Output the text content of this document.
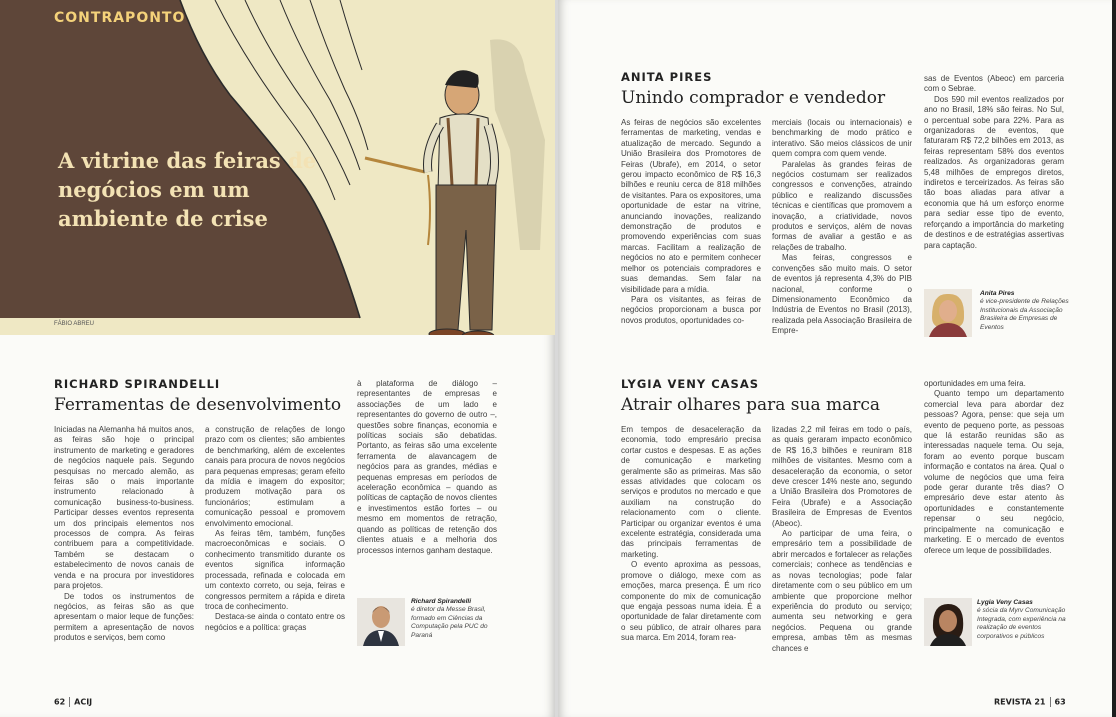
CONTRAPONTO
A vitrine das feiras de negócios em um ambiente de crise
FÁBIO ABREU
RICHARD SPIRANDELLI
Ferramentas de desenvolvimento

Iniciadas na Alemanha há muitos anos, as feiras são hoje o principal instrumento de marketing e geradores de negócios naquele país. Segundo pesquisas no mercado alemão, as feiras são o mais importante instrumento relacionado à comunicação business-to-business. Participar desses eventos representa um dos principais elementos nos processos de compra. As feiras contribuem para a competitividade. Também se destacam o estabelecimento de novos canais de venda e na procura por investidores para projetos.

De todos os instrumentos de negócios, as feiras são as que apresentam o maior leque de funções: permitem a apresentação de novos produtos e serviços, bem como

a construção de relações de longo prazo com os clientes; são ambientes de benchmarking, além de excelentes canais para procura de novos negócios para pequenas empresas; geram efeito da mídia e imagem do expositor; produzem motivação para os funcionários; estimulam a comunicação pessoal e promovem envolvimento emocional.

As feiras têm, também, funções macroeconômicas e sociais. O conhecimento transmitido durante os eventos significa informação processada, refinada e colocada em um contexto correto, ou seja, feiras e congressos permitem a rápida e direta troca de conhecimento.

Destaca-se ainda o contato entre os negócios e a política: graças

à plataforma de diálogo – representantes de empresas e associações de um lado e representantes do governo de outro –, questões sobre finanças, economia e políticas sociais são debatidas. Portanto, as feiras são uma excelente ferramenta de alavancagem de negócios para as grandes, médias e pequenas empresas em períodos de aceleração econômica – quando as políticas de captação de novos clientes e investimentos estão fortes – ou mesmo em momentos de retração, quando as políticas de retenção dos clientes atuais e a melhoria dos processos internos ganham destaque.

Richard Spirandelli
é diretor da Messe Brasil, formado em Ciências da Computação pela PUC do Paraná
62 ACIJ
ANITA PIRES
Unindo comprador e vendedor

As feiras de negócios são excelentes ferramentas de marketing, vendas e atualização de mercado. Segundo a União Brasileira dos Promotores de Feiras (Ubrafe), em 2014, o setor gerou impacto econômico de R$ 16,3 bilhões e reuniu cerca de 818 milhões de visitantes. Para os expositores, uma oportunidade de estar na vitrine, anunciando inovações, realizando demonstração de produtos e promovendo experiências com suas marcas. Facilitam a realização de negócios no ato e permitem conhecer melhor os potenciais compradores e suas demandas. Sem falar na visibilidade para a mídia.

Para os visitantes, as feiras de negócios proporcionam a busca por novos produtos, oportunidades co-

merciais (locais ou internacionais) e benchmarking de modo prático e interativo. São meios clássicos de unir quem compra com quem vende.

Paralelas às grandes feiras de negócios costumam ser realizados congressos e convenções, atraindo público e realizando discussões técnicas e científicas que promovem a inovação, a criatividade, novos produtos e serviços, além de novas formas de avaliar a gestão e as relações de trabalho.

Mas feiras, congressos e convenções são muito mais. O setor de eventos já representa 4,3% do PIB nacional, conforme o Dimensionamento Econômico da Indústria de Eventos no Brasil (2013), realizada pela Associação Brasileira de Empre-

sas de Eventos (Abeoc) em parceria com o Sebrae.

Dos 590 mil eventos realizados por ano no Brasil, 18% são feiras. No Sul, o percentual sobe para 22%. Para as organizadoras de eventos, que faturaram R$ 72,2 bilhões em 2013, as feiras representam 58% dos eventos realizados. As organizadoras geram 5,48 milhões de empregos diretos, indiretos e terceirizados. As feiras são tão boas aliadas para ativar a economia que há um esforço enorme para sediar esse tipo de evento, reforçando a importância do marketing de destinos e de estratégias assertivas para captação.

Anita Pires
é vice-presidente de Relações Institucionais da Associação Brasileira de Empresas de Eventos
LYGIA VENY CASAS
Atrair olhares para sua marca

Em tempos de desaceleração da economia, todo empresário precisa cortar custos e despesas. E as ações de comunicação e marketing geralmente são as primeiras. Mas são essas atividades que colocam os serviços e produtos no mercado e que auxiliam na construção do relacionamento com o cliente. Participar ou organizar eventos é uma excelente estratégia, considerada uma das principais ferramentas de marketing.

O evento aproxima as pessoas, promove o diálogo, mexe com as emoções, marca presença. É um rico componente do mix de comunicação que engaja pessoas numa ideia. É a oportunidade de falar diretamente com o seu público, de atrair olhares para sua marca. Em 2014, foram rea-

lizadas 2,2 mil feiras em todo o país, as quais geraram impacto econômico de R$ 16,3 bilhões e reuniram 818 milhões de visitantes. Mesmo com a desaceleração da economia, o setor deve crescer 14% neste ano, segundo a União Brasileira dos Promotores de Feira (Ubrafe) e a Associação Brasileira de Empresas de Eventos (Abeoc).

Ao participar de uma feira, o empresário tem a possibilidade de abrir mercados e fortalecer as relações comerciais; conhece as tendências e as novas tecnologias; pode falar diretamente com o seu público em um ambiente que proporcione melhor experiência do produto ou serviço; aumenta seu networking e gera negócios. Pequena ou grande empresa, ambas têm as mesmas chances e

oportunidades em uma feira.

Quanto tempo um departamento comercial leva para abordar dez pessoas? Agora, pense: que seja um evento de pequeno porte, as pessoas que lá estarão reunidas são as interessadas naquele tema. Ou seja, foram ao evento porque buscam informação e contatos na área. Qual o volume de negócios que uma feira pode gerar durante três dias? O empresário deve estar atento às oportunidades e constantemente repensar o seu negócio, principalmente na comunicação e marketing. E o mercado de eventos oferece um leque de possibilidades.

Lygia Veny Casas
é sócia da Myrv Comunicação Integrada, com experiência na realização de eventos corporativos e públicos
REVISTA 21 63
